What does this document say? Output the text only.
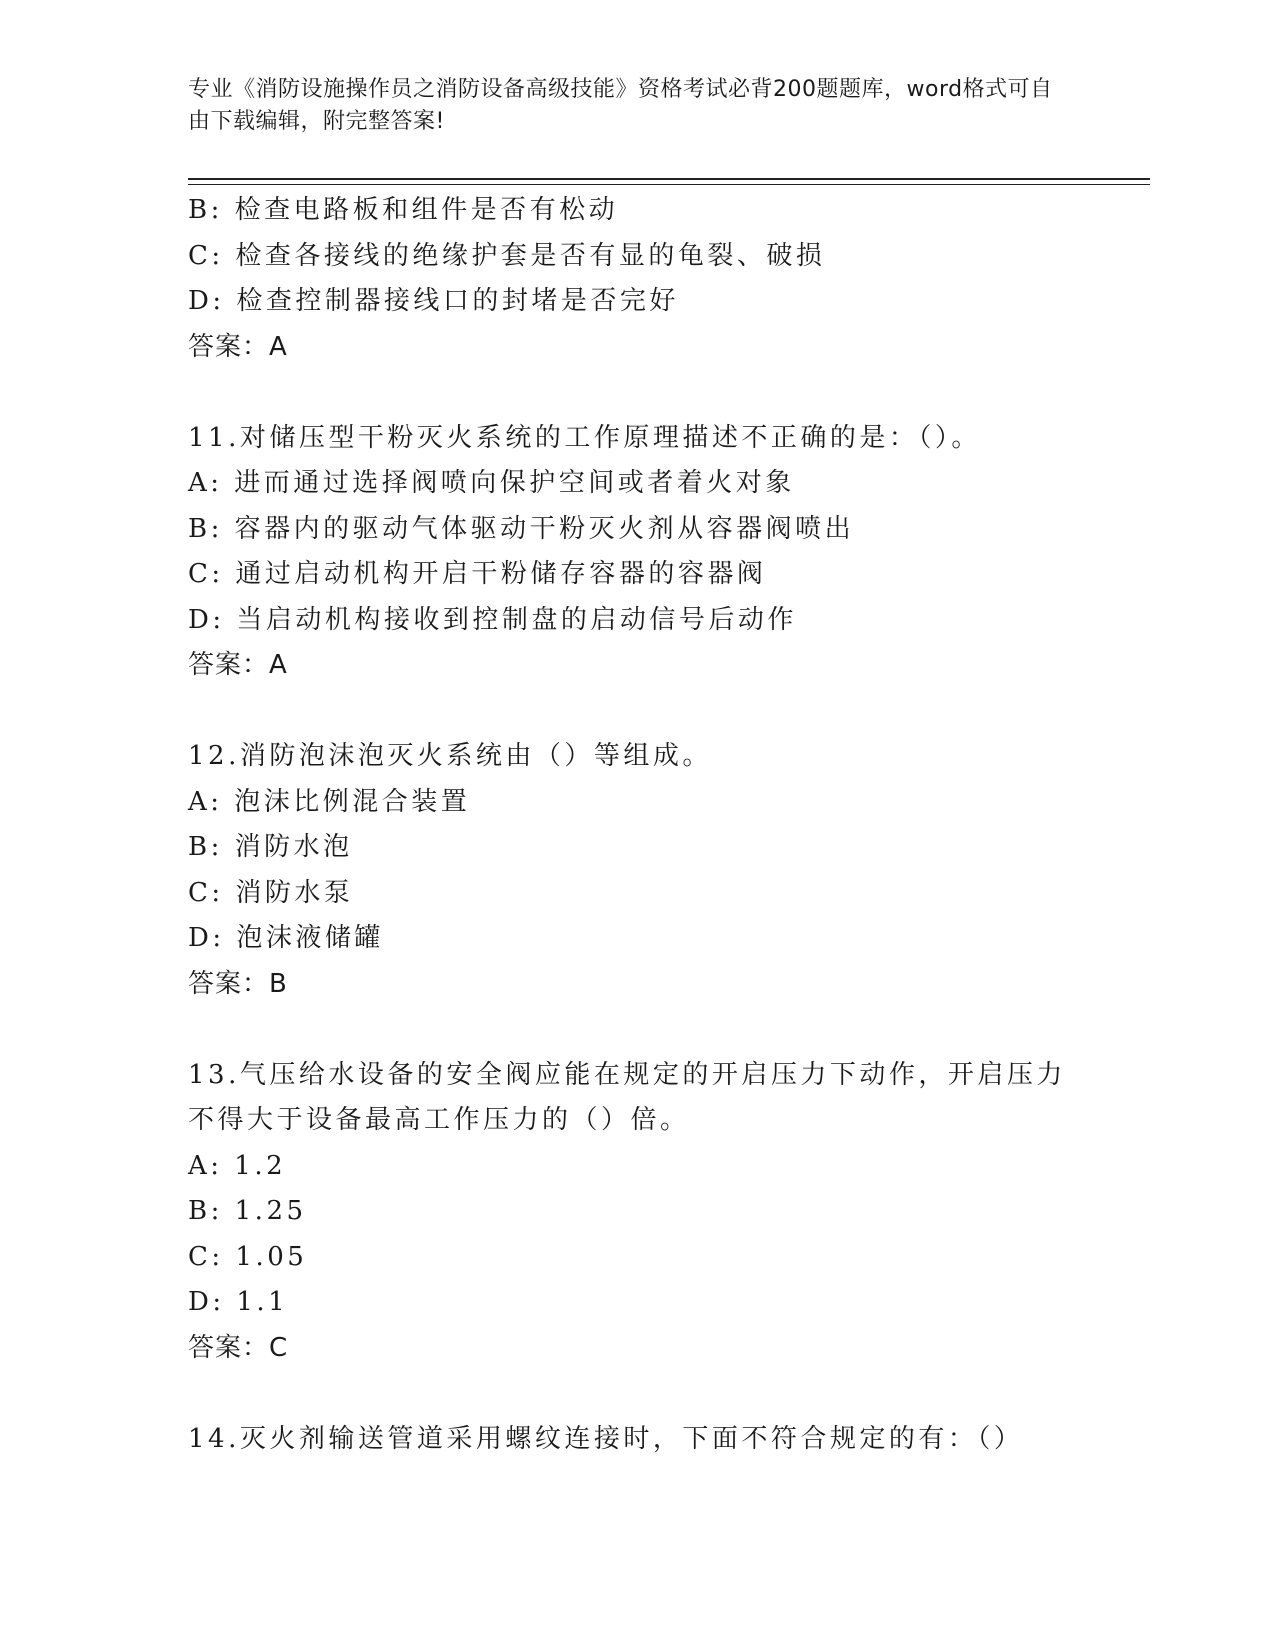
专业《消防设施操作员之消防设备高级技能》资格考试必背200题题库，word格式可自由下载编辑，附完整答案!
B: 检查电路板和组件是否有松动
C: 检查各接线的绝缘护套是否有显的龟裂、破损
D: 检查控制器接线口的封堵是否完好
答案：A
11.对储压型干粉灭火系统的工作原理描述不正确的是：（）。
A: 进而通过选择阀喷向保护空间或者着火对象
B: 容器内的驱动气体驱动干粉灭火剂从容器阀喷出
C: 通过启动机构开启干粉储存容器的容器阀
D: 当启动机构接收到控制盘的启动信号后动作
答案：A
12.消防泡沫泡灭火系统由（）等组成。
A: 泡沫比例混合装置
B: 消防水泡
C: 消防水泵
D: 泡沫液储罐
答案：B
13.气压给水设备的安全阀应能在规定的开启压力下动作，开启压力不得大于设备最高工作压力的（）倍。
A: 1.2
B: 1.25
C: 1.05
D: 1.1
答案：C
14.灭火剂输送管道采用螺纹连接时，下面不符合规定的有：（）
